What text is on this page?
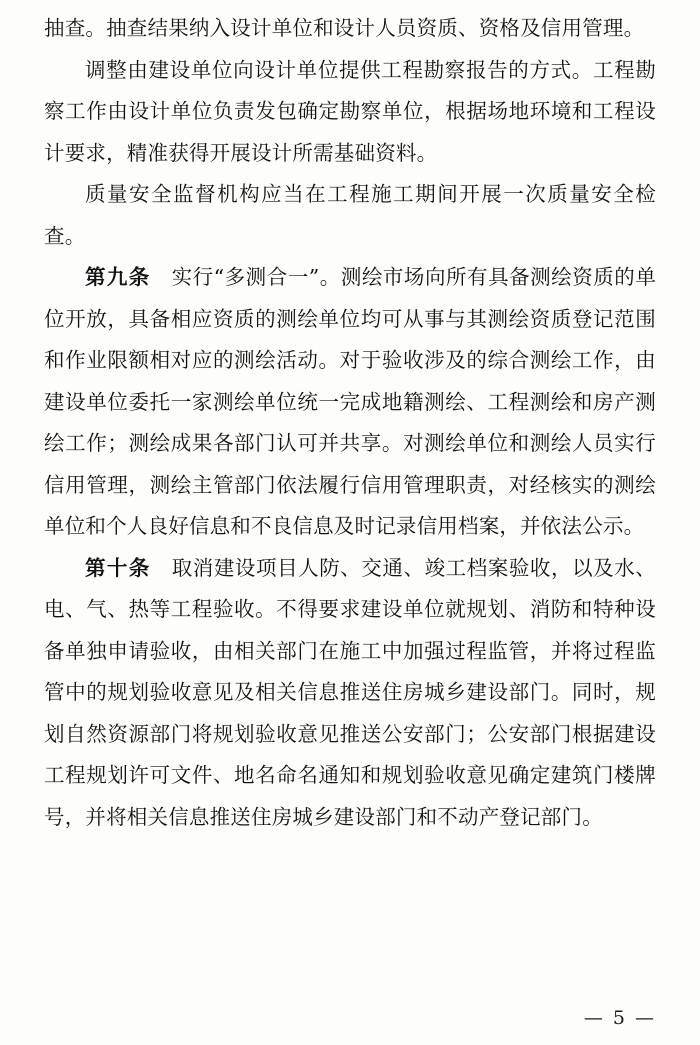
抽查。抽查结果纳入设计单位和设计人员资质、资格及信用管理。

调整由建设单位向设计单位提供工程勘察报告的方式。工程勘察工作由设计单位负责发包确定勘察单位，根据场地环境和工程设计要求，精准获得开展设计所需基础资料。

质量安全监督机构应当在工程施工期间开展一次质量安全检查。

第九条　 实行“多测合一”。测绘市场向所有具备测绘资质的单位开放，具备相应资质的测绘单位均可从事与其测绘资质登记范围和作业限额相对应的测绘活动。对于验收涉及的综合测绘工作，由建设单位委托一家测绘单位统一完成地籍测绘、工程测绘和房产测绘工作；测绘成果各部门认可并共享。对测绘单位和测绘人员实行信用管理，测绘主管部门依法履行信用管理职责，对经核实的测绘单位和个人良好信息和不良信息及时记录信用档案，并依法公示。

第十条　 取消建设项目人防、交通、竣工档案验收，以及水、电、气、热等工程验收。不得要求建设单位就规划、消防和特种设备单独申请验收，由相关部门在施工中加强过程监管，并将过程监管中的规划验收意见及相关信息推送住房城乡建设部门。同时，规划自然资源部门将规划验收意见推送公安部门；公安部门根据建设工程规划许可文件、地名命名通知和规划验收意见确定建筑门楼牌号，并将相关信息推送住房城乡建设部门和不动产登记部门。

— 5 —
